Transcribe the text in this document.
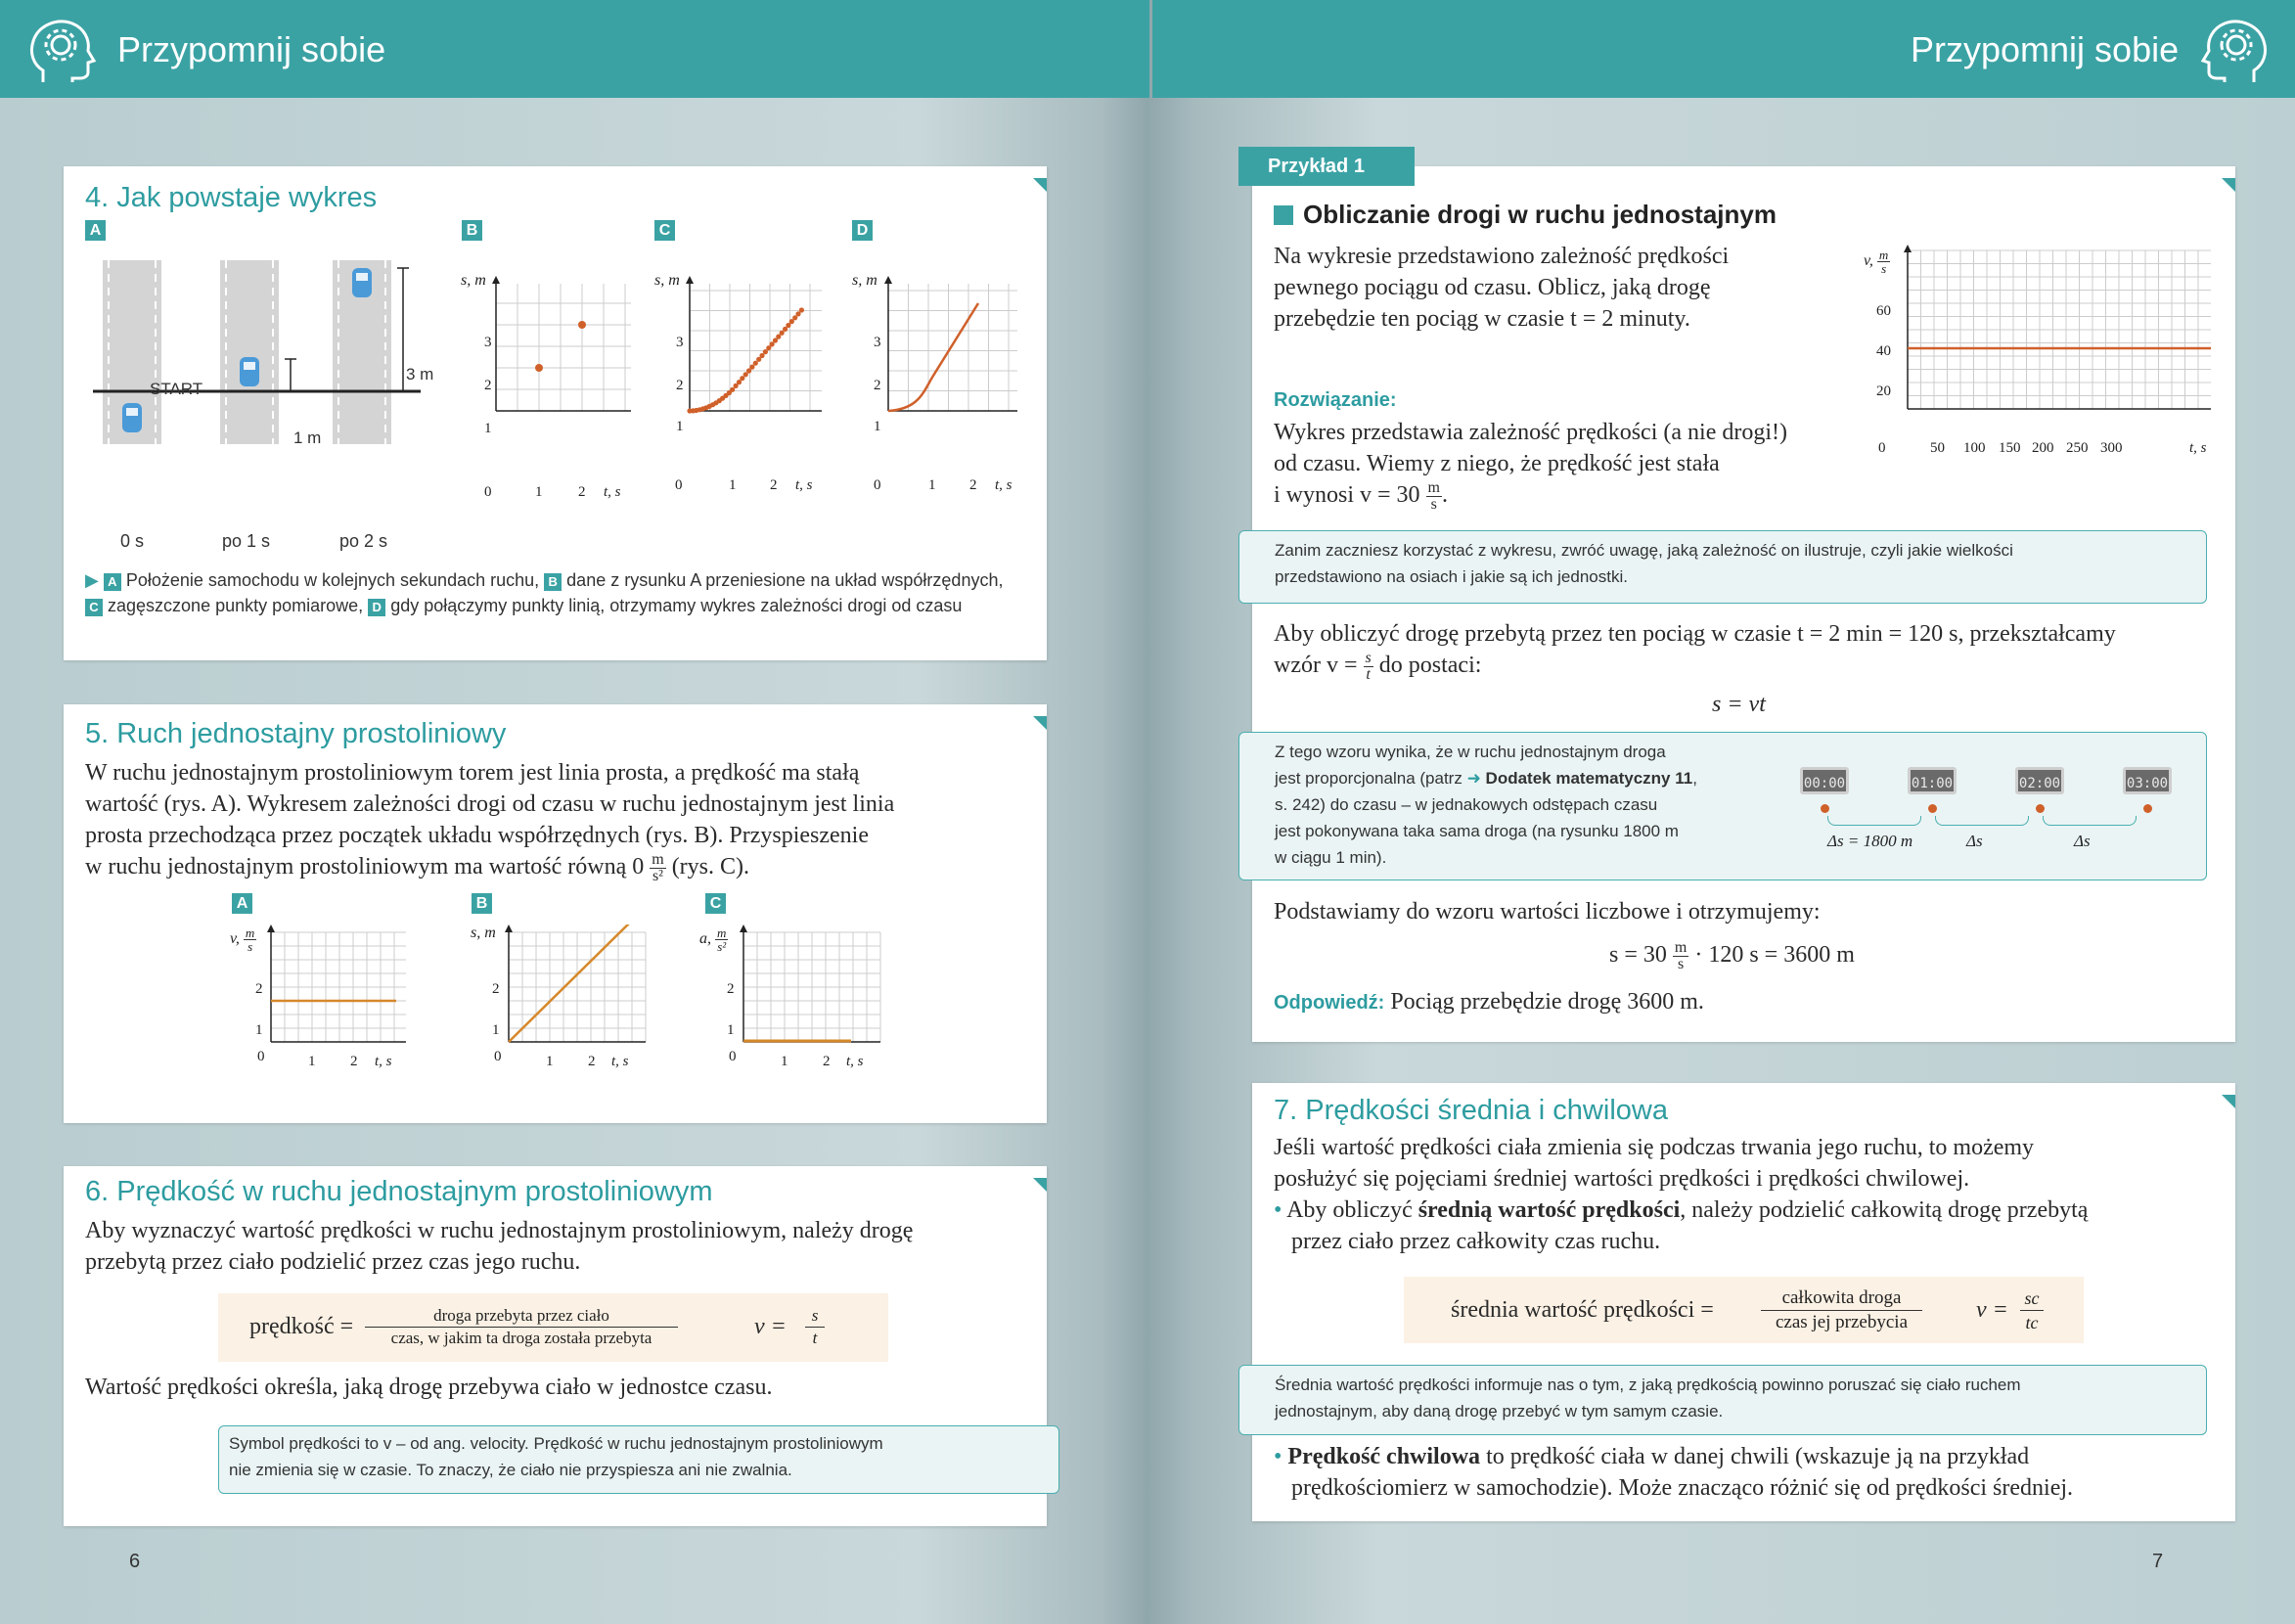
Przypomnij sobie	Przypomnij sobie
4. Jak powstaje wykres
A	B	C	D
START
1 m
3 m
0 s	po 1 s	po 2 s
s, m
3
2
1
0	1 2 t, s
s, m
3
2
1
0	1 2 t, s
s, m
3
2
1
0	1 2 t, s
▶ A Położenie samochodu w kolejnych sekundach ruchu, B dane z rysunku A przeniesione na układ współrzędnych, C zagęszczone punkty pomiarowe, D gdy połączymy punkty linią, otrzymamy wykres zależności drogi od czasu
5. Ruch jednostajny prostoliniowy
W ruchu jednostajnym prostoliniowym torem jest linia prosta, a prędkość ma stałą
wartość (rys. A). Wykresem zależności drogi od czasu w ruchu jednostajnym jest linia
prosta przechodząca przez początek układu współrzędnych (rys. B). Przyspieszenie
w ruchu jednostajnym prostoliniowym ma wartość równą $0 \frac{m}{\text{s²}} (rys$. C).
A	B	C
v, $\frac{m}{s}$
2
1
0	1 2 t, s
s, m
2
1
0	1 2 t, s
a, $\frac{m}{\text{s²}}$
2
1
0	1 2 t, s
6. Prędkość w ruchu jednostajnym prostoliniowym
Aby wyznaczyć wartość prędkości w ruchu jednostajnym prostoliniowym, należy drogę
przebytą przez ciało podzielić przez czas jego ruchu.
prędkość =	droga przebyta przez ciało
czas, w jakim ta droga została przebyta	v =	s
t
Wartość prędkości określa, jaką drogę przebywa ciało w jednostce czasu.
Symbol prędkości to v – od ang. velocity. Prędkość w ruchu jednostajnym prostoliniowym
nie zmienia się w czasie. To znaczy, że ciało nie przyspiesza ani nie zwalnia.
6
Przykład 1
Obliczanie drogi w ruchu jednostajnym
Na wykresie przedstawiono zależność prędkości
pewnego pociągu od czasu. Oblicz, jaką drogę
przebędzie ten pociąg w czasie t = 2 minuty.
v, $\frac{m}{s}$
60
40
20
0	50 100 150 200 250 300	t, s
Rozwiązanie:
Wykres przedstawia zależność prędkości (a nie drogi!)
od czasu. Wiemy z niego, że prędkość jest stała
i wynosi $v = 30 \frac{m}{s}$ .
Zanim zaczniesz korzystać z wykresu, zwróć uwagę, jaką zależność on ilustruje, czyli jakie wielkości
przedstawiono na osiach i jakie są ich jednostki.
Aby obliczyć drogę przebytą przez ten pociąg w czasie t = 2 min = 120 s, przekształcamy
wzór $v = \frac{s}{t}$ do postaci:
s = vt
Z tego wzoru wynika, że w ruchu jednostajnym droga
jest proporcjonalna (patrz ➜ Dodatek matematyczny 11,
s. 242) do czasu – w jednakowych odstępach czasu
jest pokonywana taka sama droga (na rysunku 1800 m
w ciągu 1 min).
00:00
Δs = 1800 m
01:00
Δs
02:00
Δs
03:00
Podstawiamy do wzoru wartości liczbowe i otrzymujemy:
$s = 30 \frac{m}{s} \cdot 120$ s = 3600 m
Odpowiedź: Pociąg przebędzie drogę 3600 m.
7. Prędkości średnia i chwilowa
Jeśli wartość prędkości ciała zmienia się podczas trwania jego ruchu, to możemy
posłużyć się pojęciami średniej wartości prędkości i prędkości chwilowej.
• Aby obliczyć średnią wartość prędkości, należy podzielić całkowitą drogę przebytą
przez ciało przez całkowity czas ruchu.
średnia wartość prędkości =	całkowita droga
czas jej przebycia	v = sc
tc
Średnia wartość prędkości informuje nas o tym, z jaką prędkością powinno poruszać się ciało ruchem
jednostajnym, aby daną drogę przebyć w tym samym czasie.
• Prędkość chwilowa to prędkość ciała w danej chwili (wskazuje ją na przykład
prędkościomierz w samochodzie). Może znacząco różnić się od prędkości średniej.
7
